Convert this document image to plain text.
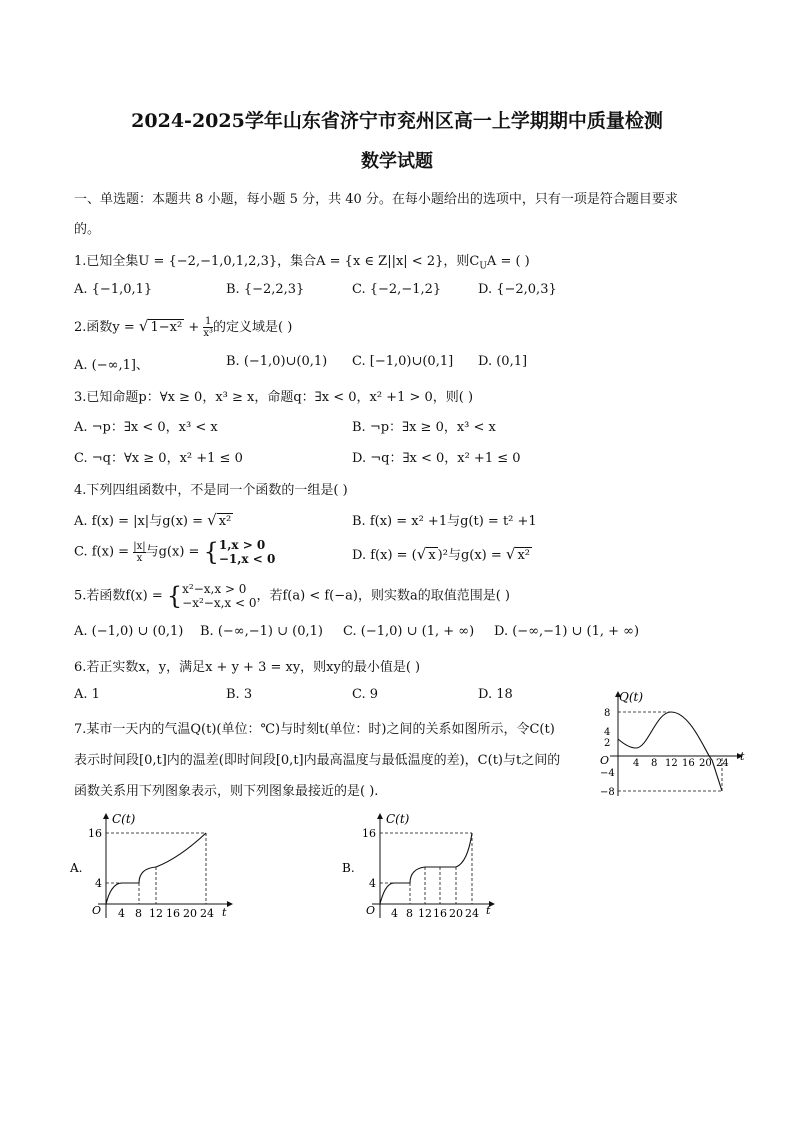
2024-2025学年山东省济宁市兖州区高一上学期期中质量检测
数学试题
一、单选题：本题共 8 小题，每小题 5 分，共 40 分。在每小题给出的选项中，只有一项是符合题目要求
的。
1.已知全集U = {−2,−1,0,1,2,3}，集合A = {x ∈ Z||x| < 2}，则$C_UA$ = ( )
A. {−1,0,1}	B. {−2,2,3}	C. {−2,−1,2}	D. {−2,0,3}
2.函数y = √ $1-x^2 + \frac{1}{\text{x³}}$ 的定义域是( )
A. (−∞,1]、	B. (−1,0)∪(0,1) C. [−1,0)∪(0,1] D. (0,1]
3.已知命题p：∀x ≥ 0，x³ ≥ x，命题q：∃x < 0，x² +1 > 0，则( )
A. ¬p：∃x < 0，x³ < x	B. ¬p：∃x ≥ 0，x³ < x
C. ¬q：∀x ≥ 0，x² +1 ≤ 0	D. ¬q：∃x < 0，x² +1 ≤ 0
4.下列四组函数中，不是同一个函数的一组是( )
A. f(x) = |x|与g(x) = √ x²	B. f(x) = x² +1与g(t) = t² +1
C. $f(x) = \frac{|x|}{x}$ 与g(x) = { 1,x > 0
−1,x < 0	D. f(x) = (√ x )²与g(x) = √ x²
5.若函数f(x) = { x²−x,x > 0
−x²−x,x < 0 ，若f(a) < f(−a)，则实数a的取值范围是( )
A. (−1,0) ∪ (0,1) B. (−∞,−1) ∪ (0,1) C. (−1,0) ∪ (1, + ∞) D. (−∞,−1) ∪ (1, + ∞)
6.若正实数x，y，满足x + y + 3 = xy，则xy的最小值是( )
A. 1	B. 3	C. 9	D. 18
7.某市一天内的气温Q(t)(单位：℃)与时刻t(单位：时)之间的关系如图所示，令C(t)
表示时间段[0,t]内的温差(即时间段[0,t]内最高温度与最低温度的差)，C(t)与t之间的
函数关系用下列图象表示，则下列图象最接近的是( ).
Q(t)
t
O
8
4
2
−4
−8
4 8 12 16 20 24
A.
C(t)
t
O
16
4
4 8 12 16 20 24
B.
C(t)
t
O
16
4
4 8 12 16 20 24
